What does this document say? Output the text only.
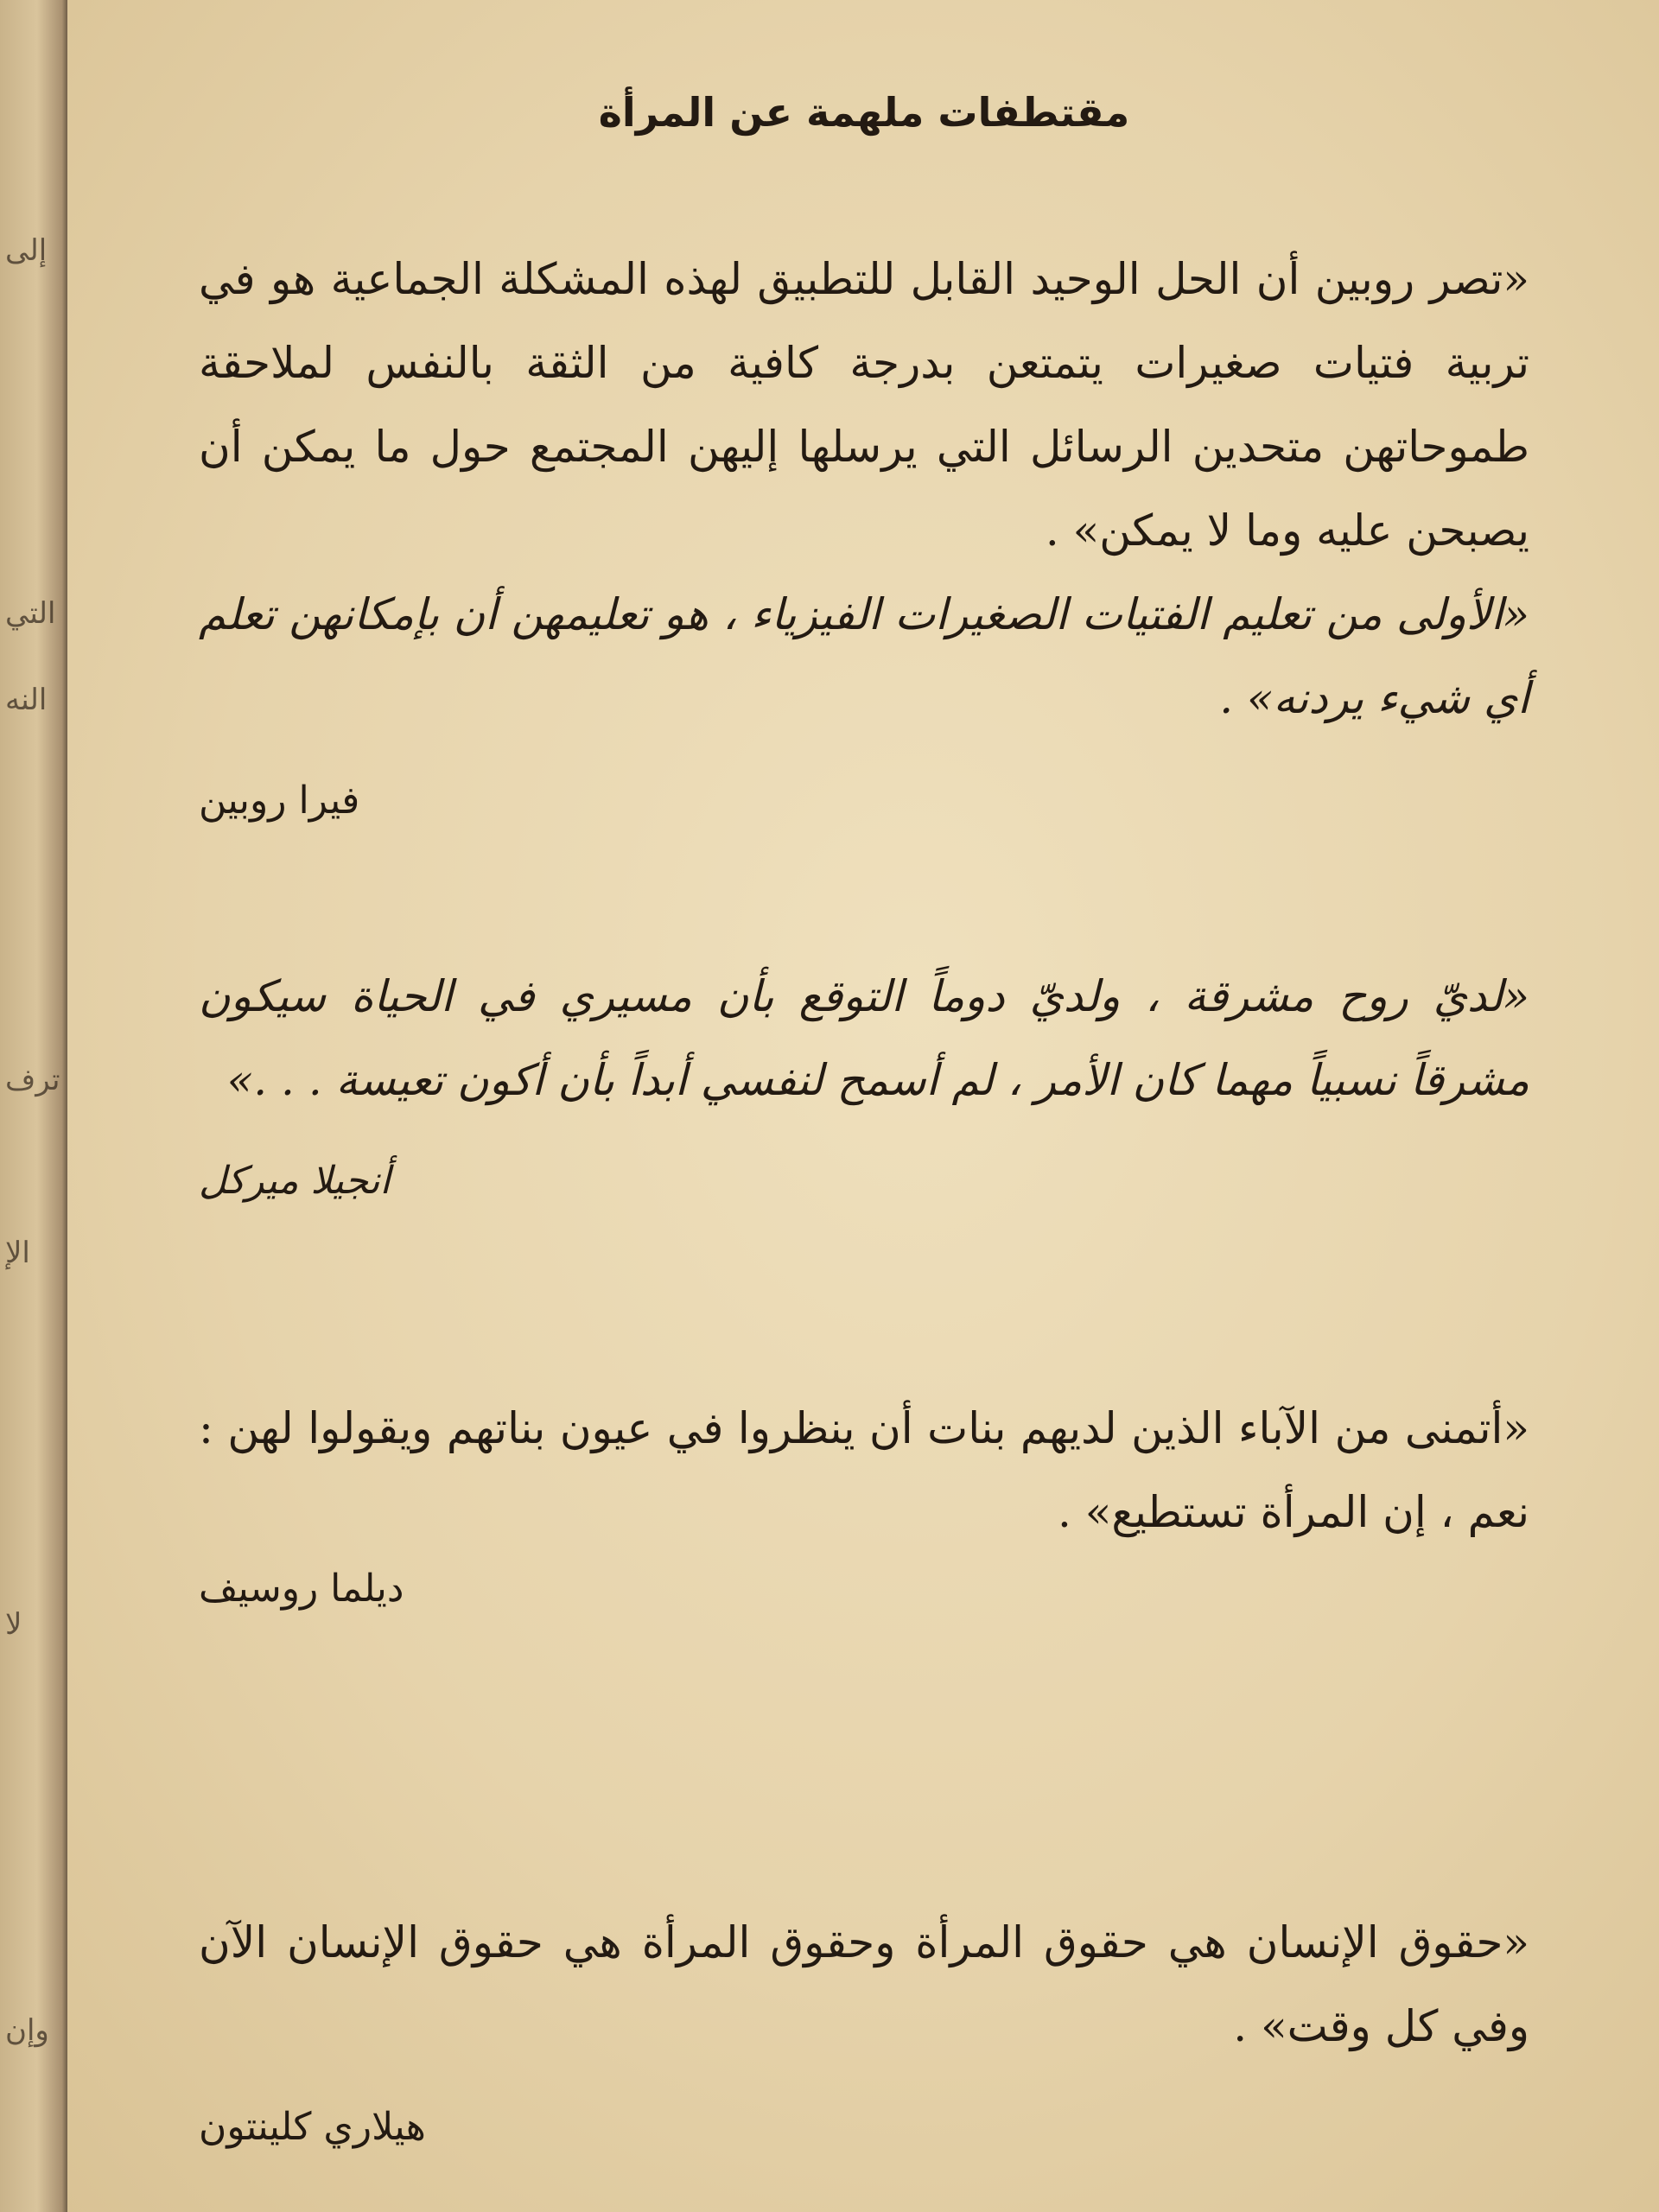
إلى
التي
النه
ترف
الإ
لا
وإن
مقتطفات ملهمة عن المرأة
«تصر روبين أن الحل الوحيد القابل للتطبيق لهذه المشكلة الجماعية هو في تربية فتيات صغيرات يتمتعن بدرجة كافية من الثقة بالنفس لملاحقة طموحاتهن متحدين الرسائل التي يرسلها إليهن المجتمع حول ما يمكن أن يصبحن عليه وما لا يمكن» .
«الأولى من تعليم الفتيات الصغيرات الفيزياء ، هو تعليمهن أن بإمكانهن تعلم أي شيء يردنه» .
فيرا روبين
«لديّ روح مشرقة ، ولديّ دوماً التوقع بأن مسيري في الحياة سيكون مشرقاً نسبياً مهما كان الأمر ، لم أسمح لنفسي أبداً بأن أكون تعيسة . . .»
أنجيلا ميركل
«أتمنى من الآباء الذين لديهم بنات أن ينظروا في عيون بناتهم ويقولوا لهن : نعم ، إن المرأة تستطيع» .
ديلما روسيف
«حقوق الإنسان هي حقوق المرأة وحقوق المرأة هي حقوق الإنسان الآن وفي كل وقت» .
هيلاري كلينتون
